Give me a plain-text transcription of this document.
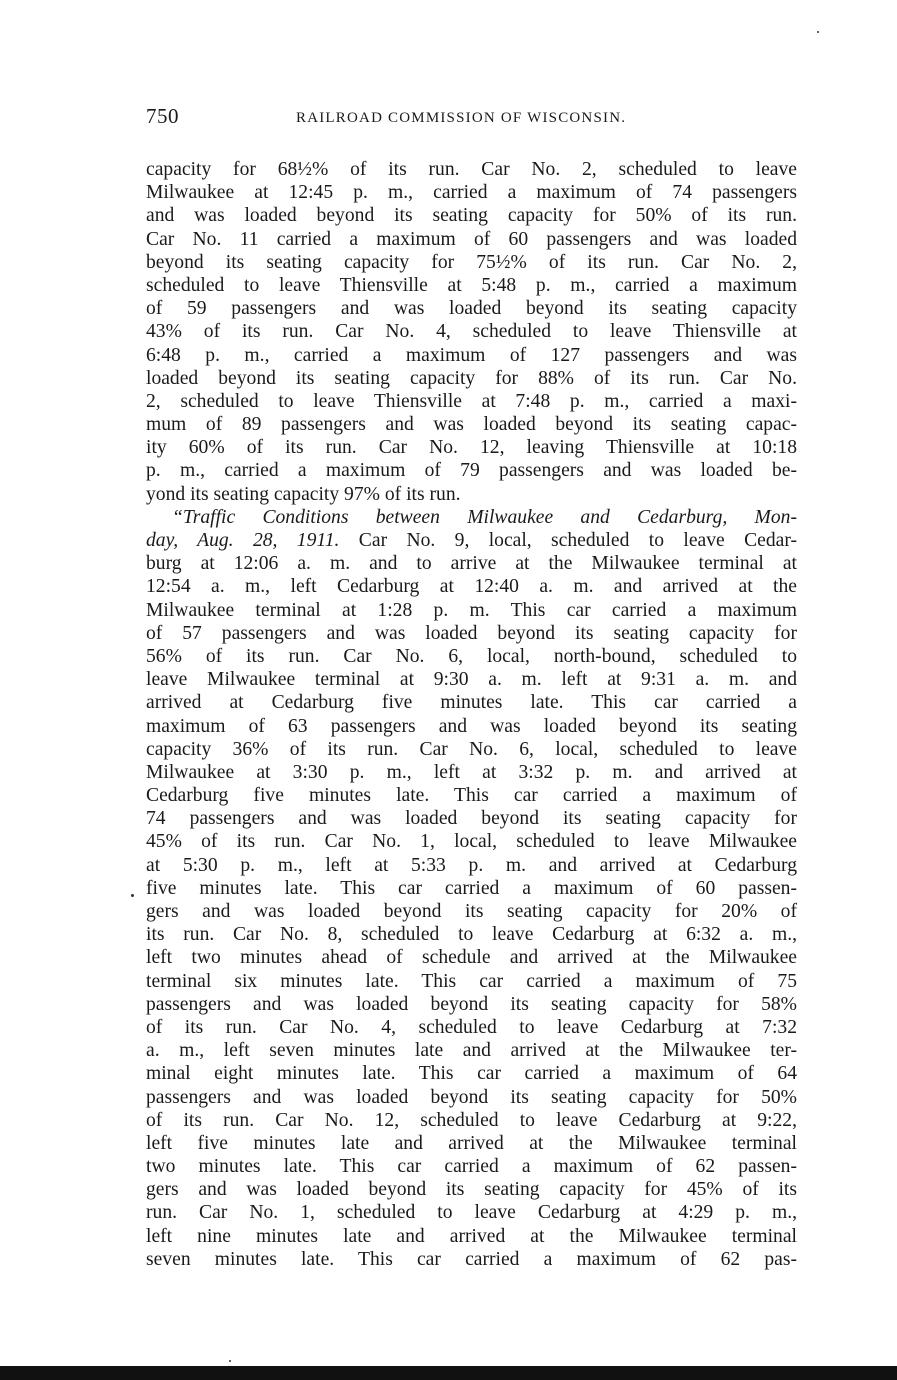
750	RAILROAD COMMISSION OF WISCONSIN.
capacity for 68½% of its run. Car No. 2, scheduled to leave
Milwaukee at 12:45 p. m., carried a maximum of 74 passengers
and was loaded beyond its seating capacity for 50% of its run.
Car No. 11 carried a maximum of 60 passengers and was loaded
beyond its seating capacity for 75½% of its run. Car No. 2,
scheduled to leave Thiensville at 5:48 p. m., carried a maximum
of 59 passengers and was loaded beyond its seating capacity
43% of its run. Car No. 4, scheduled to leave Thiensville at
6:48 p. m., carried a maximum of 127 passengers and was
loaded beyond its seating capacity for 88% of its run. Car No.
2, scheduled to leave Thiensville at 7:48 p. m., carried a maxi-
mum of 89 passengers and was loaded beyond its seating capac-
ity 60% of its run. Car No. 12, leaving Thiensville at 10:18
p. m., carried a maximum of 79 passengers and was loaded be-
yond its seating capacity 97% of its run.
“Traffic Conditions between Milwaukee and Cedarburg, Mon-
day, Aug. 28, 1911. Car No. 9, local, scheduled to leave Cedar-
burg at 12:06 a. m. and to arrive at the Milwaukee terminal at
12:54 a. m., left Cedarburg at 12:40 a. m. and arrived at the
Milwaukee terminal at 1:28 p. m. This car carried a maximum
of 57 passengers and was loaded beyond its seating capacity for
56% of its run. Car No. 6, local, north-bound, scheduled to
leave Milwaukee terminal at 9:30 a. m. left at 9:31 a. m. and
arrived at Cedarburg five minutes late. This car carried a
maximum of 63 passengers and was loaded beyond its seating
capacity 36% of its run. Car No. 6, local, scheduled to leave
Milwaukee at 3:30 p. m., left at 3:32 p. m. and arrived at
Cedarburg five minutes late. This car carried a maximum of
74 passengers and was loaded beyond its seating capacity for
45% of its run. Car No. 1, local, scheduled to leave Milwaukee
at 5:30 p. m., left at 5:33 p. m. and arrived at Cedarburg
five minutes late. This car carried a maximum of 60 passen-
gers and was loaded beyond its seating capacity for 20% of
its run. Car No. 8, scheduled to leave Cedarburg at 6:32 a. m.,
left two minutes ahead of schedule and arrived at the Milwaukee
terminal six minutes late. This car carried a maximum of 75
passengers and was loaded beyond its seating capacity for 58%
of its run. Car No. 4, scheduled to leave Cedarburg at 7:32
a. m., left seven minutes late and arrived at the Milwaukee ter-
minal eight minutes late. This car carried a maximum of 64
passengers and was loaded beyond its seating capacity for 50%
of its run. Car No. 12, scheduled to leave Cedarburg at 9:22,
left five minutes late and arrived at the Milwaukee terminal
two minutes late. This car carried a maximum of 62 passen-
gers and was loaded beyond its seating capacity for 45% of its
run. Car No. 1, scheduled to leave Cedarburg at 4:29 p. m.,
left nine minutes late and arrived at the Milwaukee terminal
seven minutes late. This car carried a maximum of 62 pas-
